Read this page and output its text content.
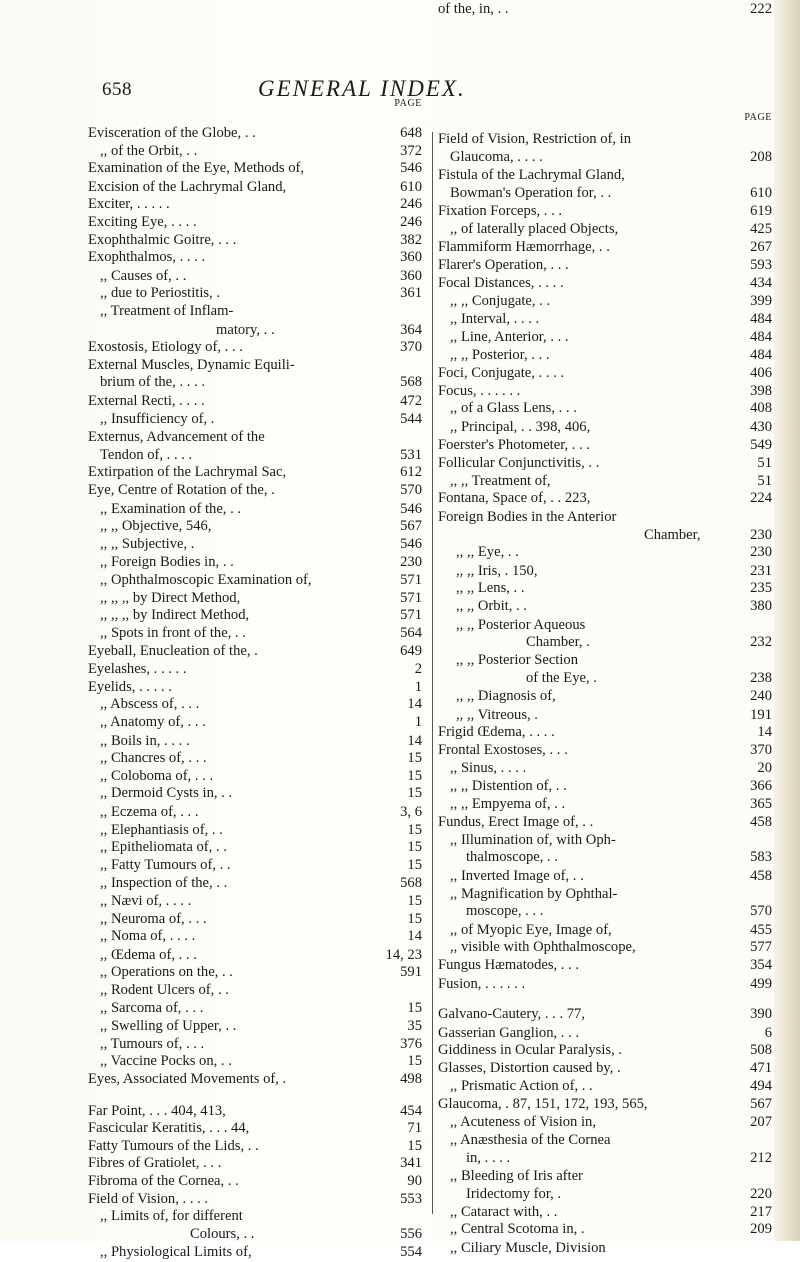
658	GENERAL INDEX.
PAGE
Evisceration of the Globe, . .	648
,, of the Orbit, . .	372
Examination of the Eye, Methods of,	546
Excision of the Lachrymal Gland,	610
Exciter, . . . . .	246
Exciting Eye, . . . .	246
Exophthalmic Goitre, . . .	382
Exophthalmos, . . . .	360
,, Causes of, . .	360
,, due to Periostitis, .	361
,, Treatment of Inflam-
matory, . .	364
Exostosis, Etiology of, . . .	370
External Muscles, Dynamic Equili-
brium of the, . . . .	568
External Recti, . . . .	472
,, Insufficiency of, .	544
Externus, Advancement of the
Tendon of, . . . .	531
Extirpation of the Lachrymal Sac,	612
Eye, Centre of Rotation of the, .	570
,, Examination of the, . .	546
,, ,, Objective, 546,	567
,, ,, Subjective, .	546
,, Foreign Bodies in, . .	230
,, Ophthalmoscopic Examination of,	571
,, ,, ,, by Direct Method,	571
,, ,, ,, by Indirect Method,	571
,, Spots in front of the, . .	564
Eyeball, Enucleation of the, .	649
Eyelashes, . . . . .	2
Eyelids, . . . . .	1
,, Abscess of, . . .	14
,, Anatomy of, . . .	1
,, Boils in, . . . .	14
,, Chancres of, . . .	15
,, Coloboma of, . . .	15
,, Dermoid Cysts in, . .	15
,, Eczema of, . . .	3, 6
,, Elephantiasis of, . .	15
,, Epitheliomata of, . .	15
,, Fatty Tumours of, . .	15
,, Inspection of the, . .	568
,, Nævi of, . . . .	15
,, Neuroma of, . . .	15
,, Noma of, . . . .	14
,, Œdema of, . . .	14, 23
,, Operations on the, . .	591
,, Rodent Ulcers of, . .
,, Sarcoma of, . . .	15
,, Swelling of Upper, . .	35
,, Tumours of, . . .	376
,, Vaccine Pocks on, . .	15
Eyes, Associated Movements of, .	498
Far Point, . . . 404, 413,	454
Fascicular Keratitis, . . . 44,	71
Fatty Tumours of the Lids, . .	15
Fibres of Gratiolet, . . .	341
Fibroma of the Cornea, . .	90
Field of Vision, . . . .	553
,, Limits of, for different
Colours, . .	556
,, Physiological Limits of,	554
PAGE
Field of Vision, Restriction of, in
Glaucoma, . . . .	208
Fistula of the Lachrymal Gland,
Bowman's Operation for, . .	610
Fixation Forceps, . . .	619
,, of laterally placed Objects,	425
Flammiform Hæmorrhage, . .	267
Flarer's Operation, . . .	593
Focal Distances, . . . .	434
,, ,, Conjugate, . .	399
,, Interval, . . . .	484
,, Line, Anterior, . . .	484
,, ,, Posterior, . . .	484
Foci, Conjugate, . . . .	406
Focus, . . . . . .	398
,, of a Glass Lens, . . .	408
,, Principal, . . 398, 406,	430
Foerster's Photometer, . . .	549
Follicular Conjunctivitis, . .	51
,, ,, Treatment of,	51
Fontana, Space of, . . 223,	224
Foreign Bodies in the Anterior
Chamber,	230
,, ,, Eye, . .	230
,, ,, Iris, . 150,	231
,, ,, Lens, . .	235
,, ,, Orbit, . .	380
,, ,, Posterior Aqueous
Chamber, .	232
,, ,, Posterior Section
of the Eye, .	238
,, ,, Diagnosis of,	240
,, ,, Vitreous, .	191
Frigid Œdema, . . . .	14
Frontal Exostoses, . . .	370
,, Sinus, . . . .	20
,, ,, Distention of, . .	366
,, ,, Empyema of, . .	365
Fundus, Erect Image of, . .	458
,, Illumination of, with Oph-
thalmoscope, . .	583
,, Inverted Image of, . .	458
,, Magnification by Ophthal-
moscope, . . .	570
,, of Myopic Eye, Image of,	455
,, visible with Ophthalmoscope,	577
Fungus Hæmatodes, . . .	354
Fusion, . . . . . .	499
Galvano-Cautery, . . . 77,	390
Gasserian Ganglion, . . .	6
Giddiness in Ocular Paralysis, .	508
Glasses, Distortion caused by, .	471
,, Prismatic Action of, . .	494
Glaucoma, . 87, 151, 172, 193, 565,	567
,, Acuteness of Vision in,	207
,, Anæsthesia of the Cornea
in, . . . .	212
,, Bleeding of Iris after
Iridectomy for, .	220
,, Cataract with, . .	217
,, Central Scotoma in, .	209
,, Ciliary Muscle, Division
of the, in, . .	222
